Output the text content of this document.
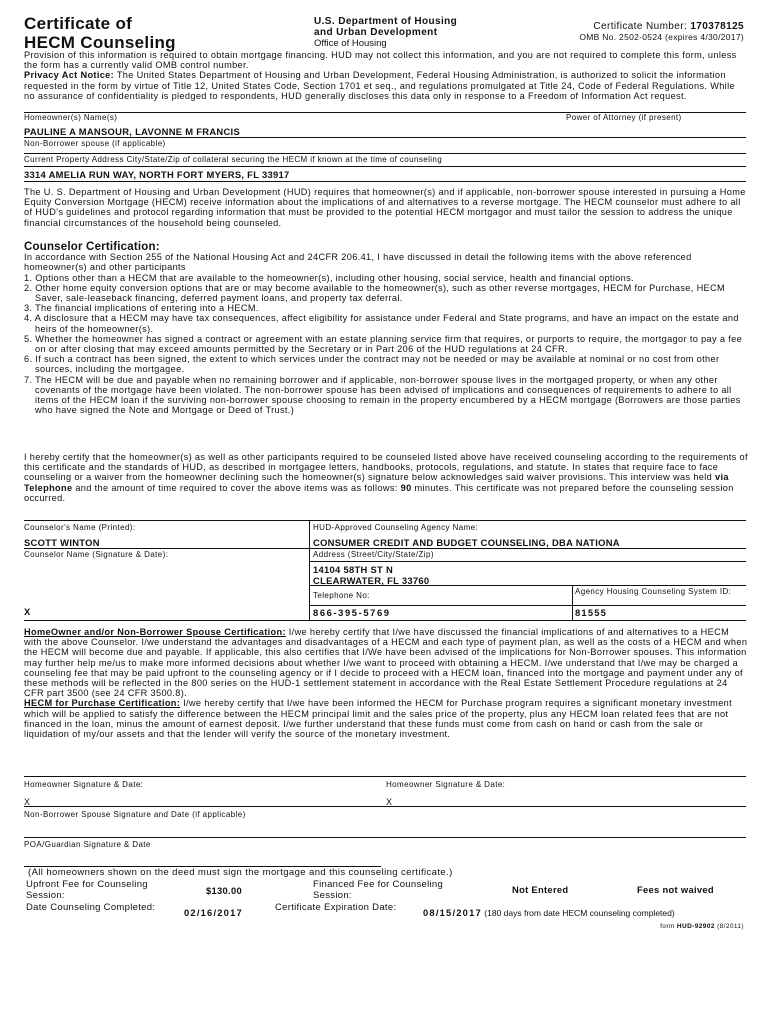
Certificate of
HECM Counseling
U.S. Department of Housing
and Urban Development
Office of Housing
Certificate Number: 170378125
OMB No. 2502-0524 (expires 4/30/2017)
Provision of this information is required to obtain mortgage financing. HUD may not collect this information, and you are not required to complete this form, unless the form has a currently valid OMB control number.
Privacy Act Notice: The United States Department of Housing and Urban Development, Federal Housing Administration, is authorized to solicit the information requested in the form by virtue of Title 12, United States Code, Section 1701 et seq., and regulations promulgated at Title 24, Code of Federal Regulations. While no assurance of confidentiality is pledged to respondents, HUD generally discloses this data only in response to a Freedom of Information Act request.
Homeowner(s) Name(s)	Power of Attorney (if present)
PAULINE A MANSOUR, LAVONNE M FRANCIS
Non-Borrower spouse (if applicable)
Current Property Address City/State/Zip of collateral securing the HECM if known at the time of counseling
3314 AMELIA RUN WAY, NORTH FORT MYERS, FL 33917
The U. S. Department of Housing and Urban Development (HUD) requires that homeowner(s) and if applicable, non-borrower spouse interested in pursuing a Home Equity Conversion Mortgage (HECM) receive information about the implications of and alternatives to a reverse mortgage. The HECM counselor must adhere to all of HUD's guidelines and protocol regarding information that must be provided to the potential HECM mortgagor and must tailor the session to address the unique financial circumstances of the household being counseled.
Counselor Certification:
In accordance with Section 255 of the National Housing Act and 24CFR 206.41, I have discussed in detail the following items with the above referenced homeowner(s) and other participants
1. Options other than a HECM that are available to the homeowner(s), including other housing, social service, health and financial options.
2. Other home equity conversion options that are or may become available to the homeowner(s), such as other reverse mortgages, HECM for Purchase, HECM Saver, sale-leaseback financing, deferred payment loans, and property tax deferral.
3. The financial implications of entering into a HECM.
4. A disclosure that a HECM may have tax consequences, affect eligibility for assistance under Federal and State programs, and have an impact on the estate and heirs of the homeowner(s).
5. Whether the homeowner has signed a contract or agreement with an estate planning service firm that requires, or purports to require, the mortgagor to pay a fee on or after closing that may exceed amounts permitted by the Secretary or in Part 206 of the HUD regulations at 24 CFR.
6. If such a contract has been signed, the extent to which services under the contract may not be needed or may be available at nominal or no cost from other sources, including the mortgagee.
7. The HECM will be due and payable when no remaining borrower and if applicable, non-borrower spouse lives in the mortgaged property, or when any other covenants of the mortgage have been violated. The non-borrower spouse has been advised of implications and consequences of requirements to adhere to all items of the HECM loan if the surviving non-borrower spouse choosing to remain in the property encumbered by a HECM mortgage (Borrowers are those parties who have signed the Note and Mortgage or Deed of Trust.)
I hereby certify that the homeowner(s) as well as other participants required to be counseled listed above have received counseling according to the requirements of this certificate and the standards of HUD, as described in mortgagee letters, handbooks, protocols, regulations, and statute. In states that require face to face counseling or a waiver from the homeowner declining such the homeowner(s) signature below acknowledges said waiver provisions. This interview was held via Telephone and the amount of time required to cover the above items was as follows: 90 minutes. This certificate was not prepared before the counseling session occurred.
Counselor's Name (Printed):
SCOTT WINTON
Counselor Name (Signature & Date):
X
HUD-Approved Counseling Agency Name:
CONSUMER CREDIT AND BUDGET COUNSELING, DBA NATIONA
Address (Street/City/State/Zip)
14104 58TH ST N
CLEARWATER, FL 33760
Telephone No:	Agency Housing Counseling System ID:
866-395-5769	81555
HomeOwner and/or Non-Borrower Spouse Certification: I/we hereby certify that I/we have discussed the financial implications of and alternatives to a HECM with the above Counselor. I/we understand the advantages and disadvantages of a HECM and each type of payment plan, as well as the costs of a HECM and when the HECM will become due and payable. If applicable, this also certifies that I/We have been advised of the implications for Non-Borrower spouses. This information may further help me/us to make more informed decisions about whether I/we want to proceed with obtaining a HECM. I/we understand that I/we may be charged a counseling fee that may be paid upfront to the counseling agency or if I decide to proceed with a HECM loan, financed into the mortgage and payment under any of these methods will be reflected in the 800 series on the HUD-1 settlement statement in accordance with the Real Estate Settlement Procedure regulations at 24 CFR part 3500 (see 24 CFR 3500.8).
HECM for Purchase Certification: I/we hereby certify that I/we have been informed the HECM for Purchase program requires a significant monetary investment which will be applied to satisfy the difference between the HECM principal limit and the sales price of the property, plus any HECM loan related fees that are not financed in the loan, minus the amount of earnest deposit. I/we further understand that these funds must come from cash on hand or cash from the sale or liquidation of my/our assets and that the lender will verify the source of the monetary investment.
Homeowner Signature & Date:	Homeowner Signature & Date:
X	X
Non-Borrower Spouse Signature and Date (if applicable)
POA/Guardian Signature & Date
(All homeowners shown on the deed must sign the mortgage and this counseling certificate.)
Upfront Fee for Counseling Session:	$130.00
Financed Fee for Counseling Session:
Not Entered	Fees not waived
Date Counseling Completed:	02/16/2017	Certificate Expiration Date:	08/15/2017 (180 days from date HECM counseling completed)
form HUD-92902 (8/2011)
